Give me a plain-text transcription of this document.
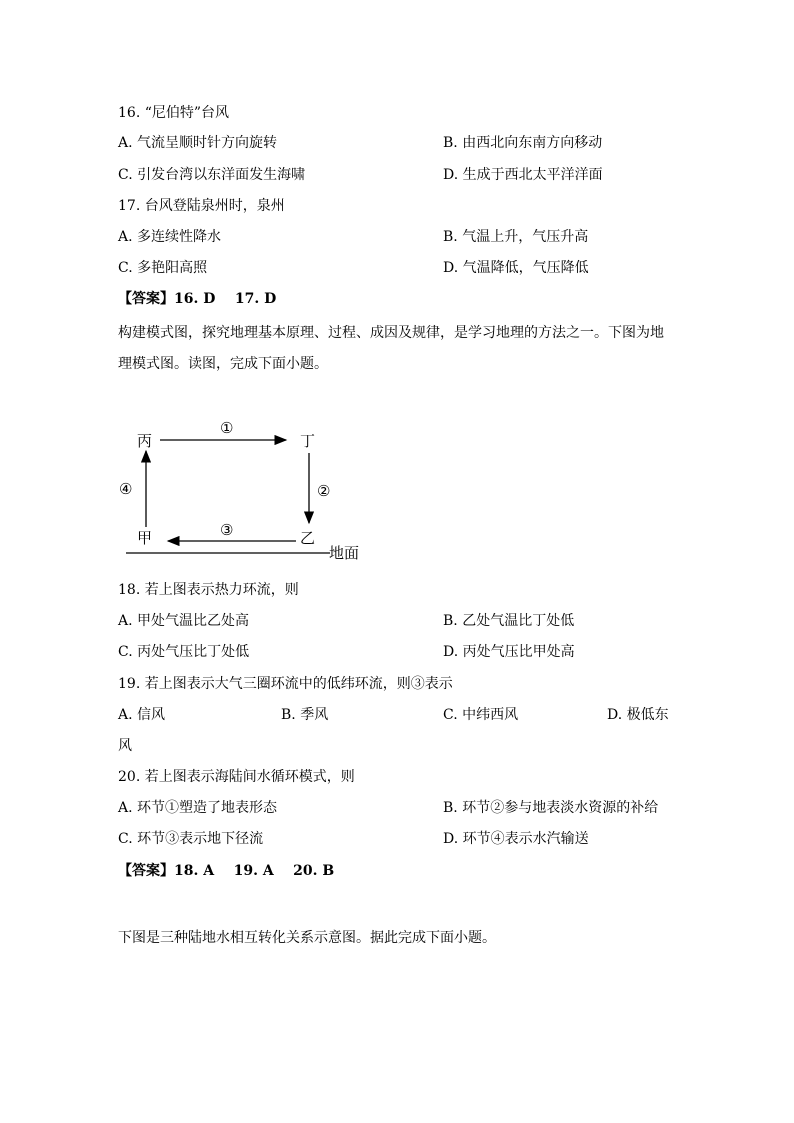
16. “尼伯特”台风
A. 气流呈顺时针方向旋转	B. 由西北向东南方向移动
C. 引发台湾以东洋面发生海啸	D. 生成于西北太平洋洋面
17. 台风登陆泉州时，泉州
A. 多连续性降水	B. 气温上升，气压升高
C. 多艳阳高照	D. 气温降低，气压降低
【答案】16. D    17. D
构建模式图，探究地理基本原理、过程、成因及规律，是学习地理的方法之一。下图为地
理模式图。读图，完成下面小题。
丙	丁
甲	乙
①
②
③
④
地面
18. 若上图表示热力环流，则
A. 甲处气温比乙处高	B. 乙处气温比丁处低
C. 丙处气压比丁处低	D. 丙处气压比甲处高
19. 若上图表示大气三圈环流中的低纬环流，则③表示
A. 信风	B. 季风	C. 中纬西风	D. 极低东
风
20. 若上图表示海陆间水循环模式，则
A. 环节①塑造了地表形态	B. 环节②参与地表淡水资源的补给
C. 环节③表示地下径流	D. 环节④表示水汽输送
【答案】18. A    19. A    20. B
下图是三种陆地水相互转化关系示意图。据此完成下面小题。
